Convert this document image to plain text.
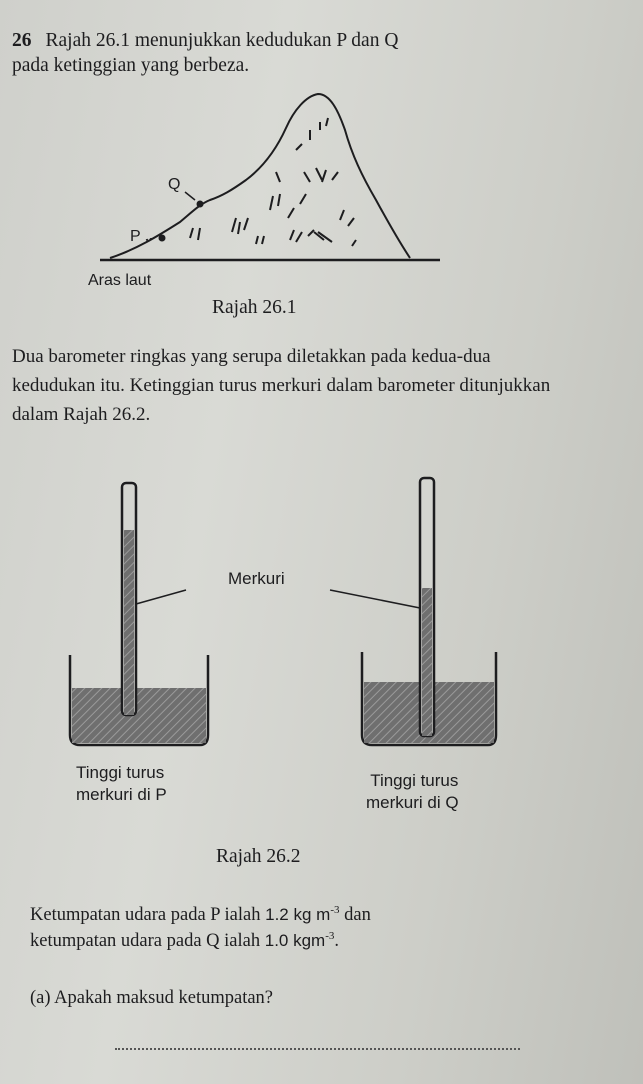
26 Rajah 26.1 menunjukkan kedudukan P dan Q

pada ketinggian yang berbeza.

Q
P
Aras laut
Rajah 26.1

Dua barometer ringkas yang serupa diletakkan pada kedua-dua kedudukan itu. Ketinggian turus merkuri dalam barometer ditunjukkan dalam Rajah 26.2.

Merkuri
Tinggi turus
merkuri di P
Tinggi turus
merkuri di Q
Rajah 26.2

Ketumpatan udara pada P ialah 1.2 kg $m^{-3}$ dan

ketumpatan udara pada Q ialah 1.0 kgm$^{-3}$.

(a) Apakah maksud ketumpatan?
